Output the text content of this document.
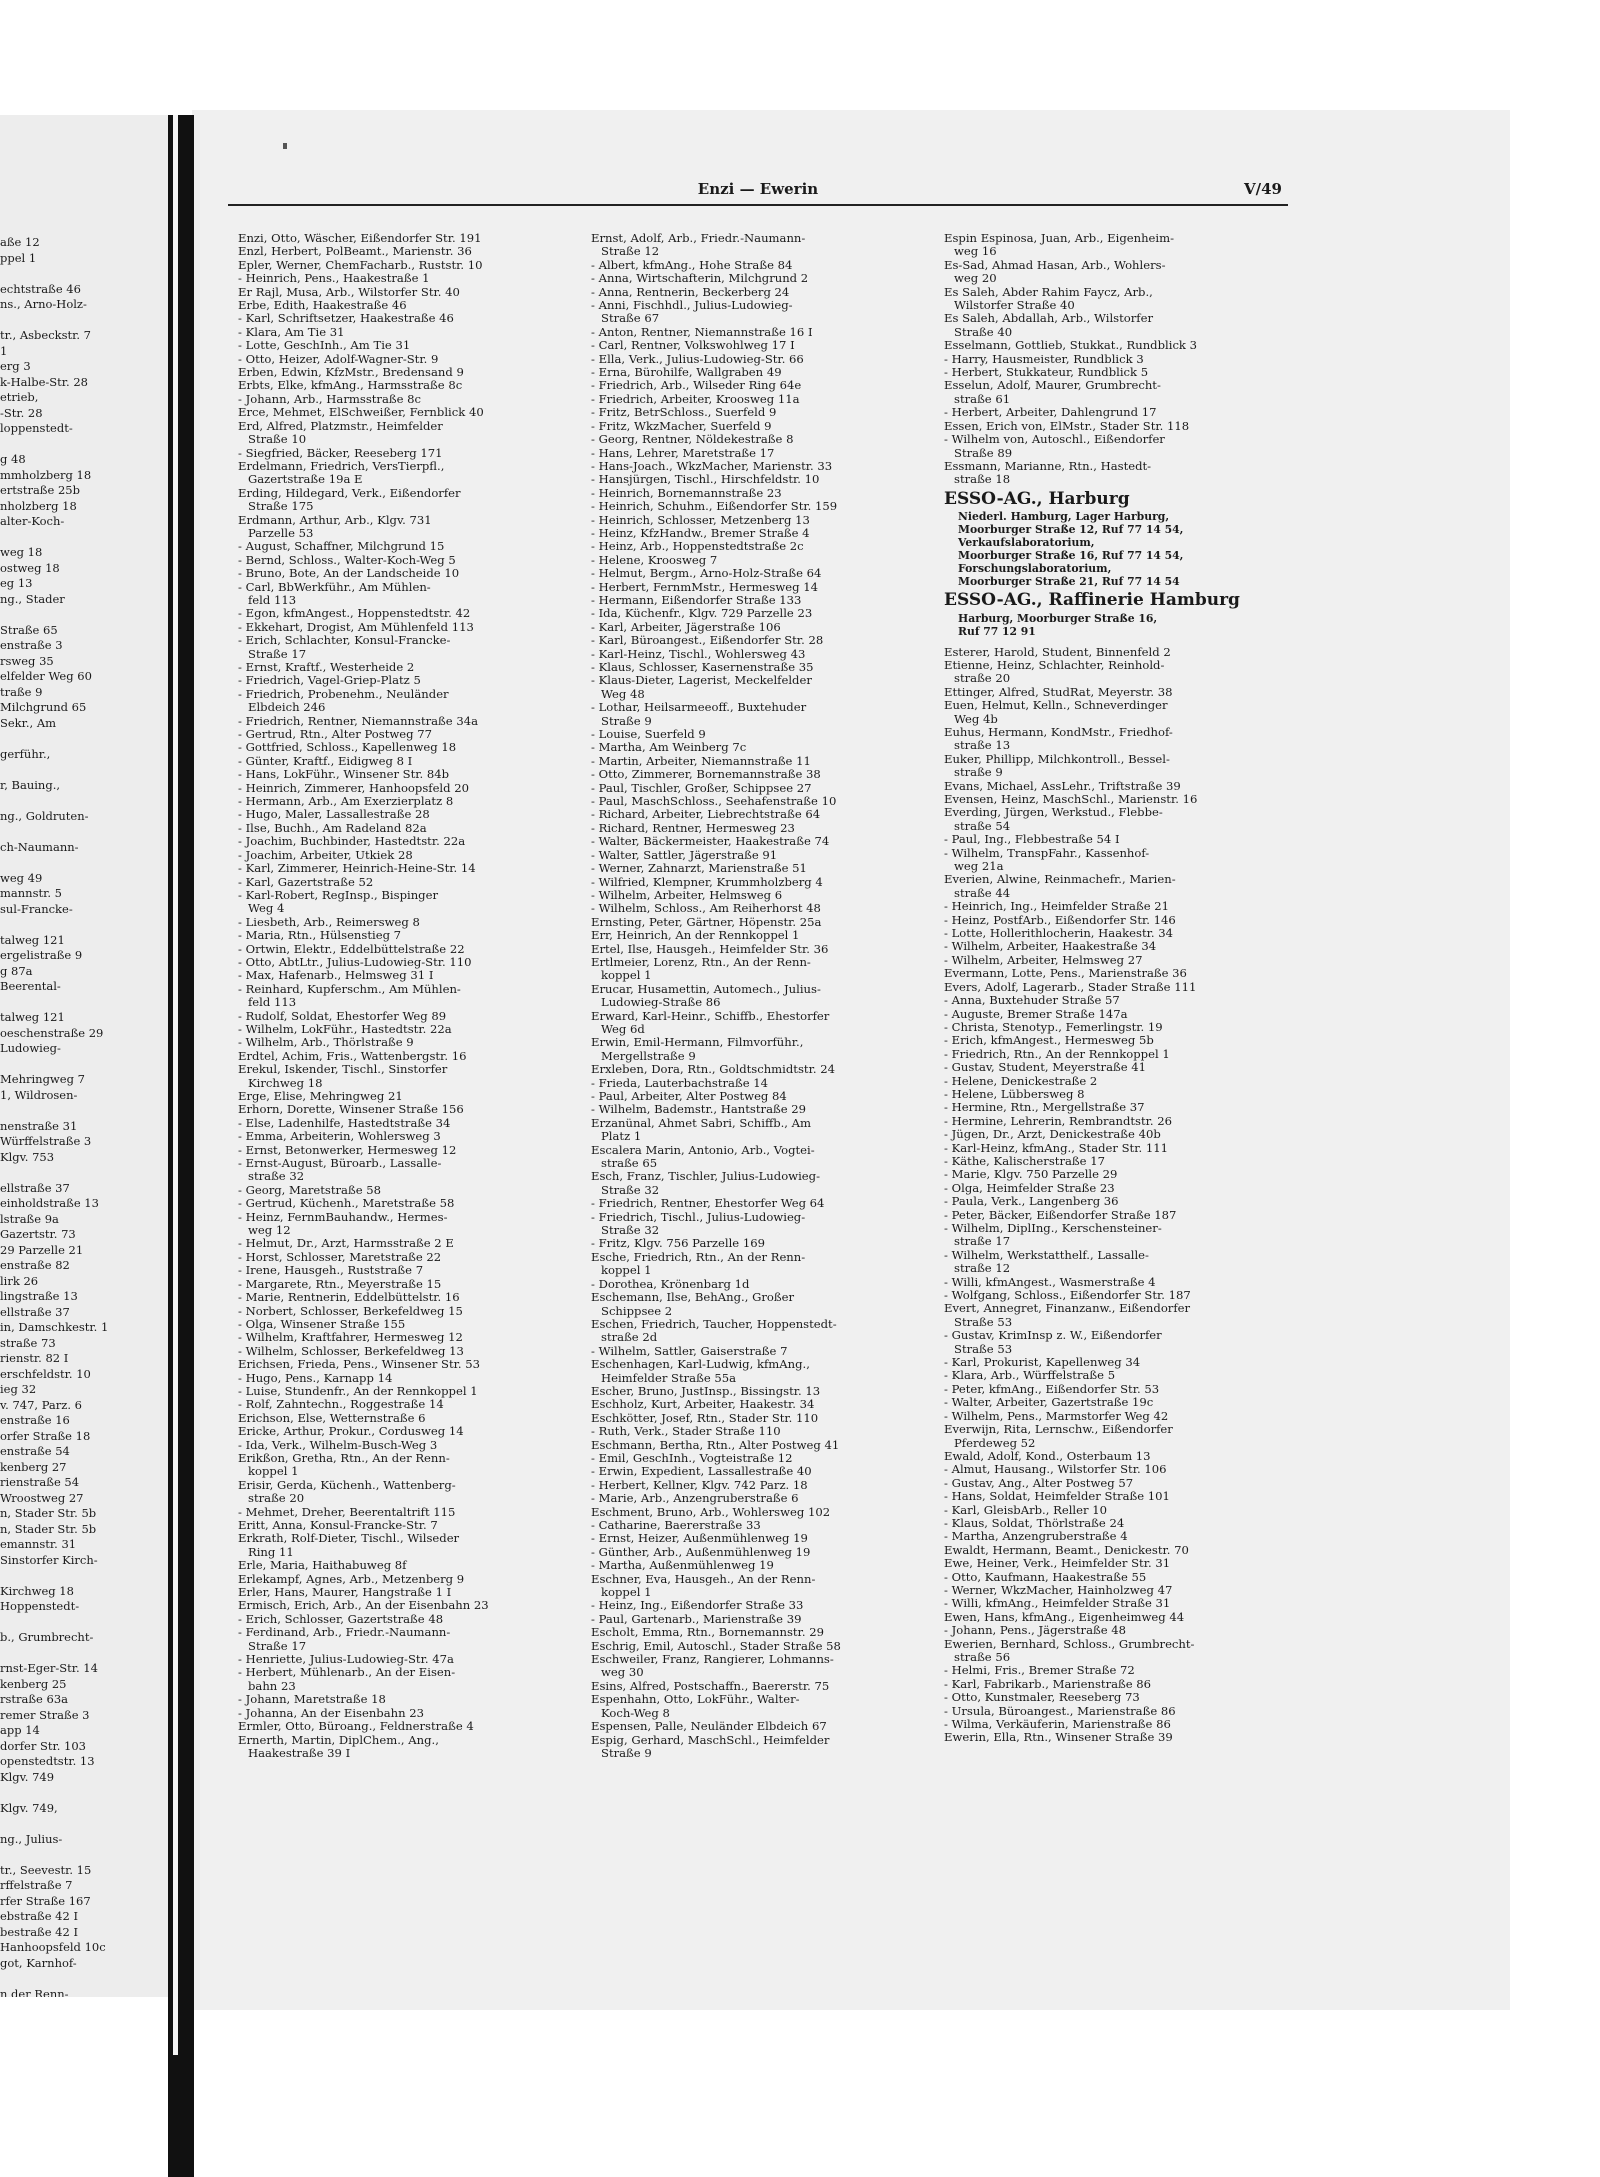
aße 12
ppel 1

echtstraße 46
ns., Arno-Holz-

tr., Asbeckstr. 7
1
erg 3
k-Halbe-Str. 28
etrieb,
-Str. 28
loppenstedt-

g 48
mmholzberg 18
ertstraße 25b
nholzberg 18
alter-Koch-

weg 18
ostweg 18
eg 13
ng., Stader

Straße 65
enstraße 3
rsweg 35
elfelder Weg 60
traße 9
Milchgrund 65
Sekr., Am

gerführ.,

r, Bauing.,

ng., Goldruten-

ch-Naumann-

weg 49
mannstr. 5
sul-Francke-

talweg 121
ergelistraße 9
g 87a
Beerental-

talweg 121
oeschenstraße 29
Ludowieg-

Mehringweg 7
1, Wildrosen-

nenstraße 31
Würffelstraße 3
Klgv. 753

ellstraße 37
einholdstraße 13
lstraße 9a
Gazertstr. 73
29 Parzelle 21
enstraße 82
lirk 26
lingstraße 13
ellstraße 37
in, Damschkestr. 1
straße 73
rienstr. 82 I
erschfeldstr. 10
ieg 32
v. 747, Parz. 6
enstraße 16
orfer Straße 18
enstraße 54
kenberg 27
rienstraße 54
Wroostweg 27
n, Stader Str. 5b
n, Stader Str. 5b
emannstr. 31
Sinstorfer Kirch-

Kirchweg 18
Hoppenstedt-

b., Grumbrecht-

rnst-Eger-Str. 14
kenberg 25
rstraße 63a
remer Straße 3
app 14
dorfer Str. 103
openstedtstr. 13
Klgv. 749

Klgv. 749,

ng., Julius-

tr., Seevestr. 15
rffelstraße 7
rfer Straße 167
ebstraße 42 I
bestraße 42 I
Hanhoopsfeld 10c
got, Karnhof-

n der Renn-
Enzi — Ewerin	V/49
Enzi, Otto, Wäscher, Eißendorfer Str. 191
Enzl, Herbert, PolBeamt., Marienstr. 36
Epler, Werner, ChemFacharb., Ruststr. 10
- Heinrich, Pens., Haakestraße 1
Er Rajl, Musa, Arb., Wilstorfer Str. 40
Erbe, Edith, Haakestraße 46
- Karl, Schriftsetzer, Haakestraße 46
- Klara, Am Tie 31
- Lotte, GeschInh., Am Tie 31
- Otto, Heizer, Adolf-Wagner-Str. 9
Erben, Edwin, KfzMstr., Bredensand 9
Erbts, Elke, kfmAng., Harmsstraße 8c
- Johann, Arb., Harmsstraße 8c
Erce, Mehmet, ElSchweißer, Fernblick 40
Erd, Alfred, Platzmstr., Heimfelder
Straße 10
- Siegfried, Bäcker, Reeseberg 171
Erdelmann, Friedrich, VersTierpfl.,
Gazertstraße 19a E
Erding, Hildegard, Verk., Eißendorfer
Straße 175
Erdmann, Arthur, Arb., Klgv. 731
Parzelle 53
- August, Schaffner, Milchgrund 15
- Bernd, Schloss., Walter-Koch-Weg 5
- Bruno, Bote, An der Landscheide 10
- Carl, BbWerkführ., Am Mühlen-
feld 113
- Egon, kfmAngest., Hoppenstedtstr. 42
- Ekkehart, Drogist, Am Mühlenfeld 113
- Erich, Schlachter, Konsul-Francke-
Straße 17
- Ernst, Kraftf., Westerheide 2
- Friedrich, Vagel-Griep-Platz 5
- Friedrich, Probenehm., Neuländer
Elbdeich 246
- Friedrich, Rentner, Niemannstraße 34a
- Gertrud, Rtn., Alter Postweg 77
- Gottfried, Schloss., Kapellenweg 18
- Günter, Kraftf., Eidigweg 8 I
- Hans, LokFühr., Winsener Str. 84b
- Heinrich, Zimmerer, Hanhoopsfeld 20
- Hermann, Arb., Am Exerzierplatz 8
- Hugo, Maler, Lassallestraße 28
- Ilse, Buchh., Am Radeland 82a
- Joachim, Buchbinder, Hastedtstr. 22a
- Joachim, Arbeiter, Utkiek 28
- Karl, Zimmerer, Heinrich-Heine-Str. 14
- Karl, Gazertstraße 52
- Karl-Robert, RegInsp., Bispinger
Weg 4
- Liesbeth, Arb., Reimersweg 8
- Maria, Rtn., Hülsenstieg 7
- Ortwin, Elektr., Eddelbüttelstraße 22
- Otto, AbtLtr., Julius-Ludowieg-Str. 110
- Max, Hafenarb., Helmsweg 31 I
- Reinhard, Kupferschm., Am Mühlen-
feld 113
- Rudolf, Soldat, Ehestorfer Weg 89
- Wilhelm, LokFühr., Hastedtstr. 22a
- Wilhelm, Arb., Thörlstraße 9
Erdtel, Achim, Fris., Wattenbergstr. 16
Erekul, Iskender, Tischl., Sinstorfer
Kirchweg 18
Erge, Elise, Mehringweg 21
Erhorn, Dorette, Winsener Straße 156
- Else, Ladenhilfe, Hastedtstraße 34
- Emma, Arbeiterin, Wohlersweg 3
- Ernst, Betonwerker, Hermesweg 12
- Ernst-August, Büroarb., Lassalle-
straße 32
- Georg, Maretstraße 58
- Gertrud, Küchenh., Maretstraße 58
- Heinz, FernmBauhandw., Hermes-
weg 12
- Helmut, Dr., Arzt, Harmsstraße 2 E
- Horst, Schlosser, Maretstraße 22
- Irene, Hausgeh., Ruststraße 7
- Margarete, Rtn., Meyerstraße 15
- Marie, Rentnerin, Eddelbüttelstr. 16
- Norbert, Schlosser, Berkefeldweg 15
- Olga, Winsener Straße 155
- Wilhelm, Kraftfahrer, Hermesweg 12
- Wilhelm, Schlosser, Berkefeldweg 13
Erichsen, Frieda, Pens., Winsener Str. 53
- Hugo, Pens., Karnapp 14
- Luise, Stundenfr., An der Rennkoppel 1
- Rolf, Zahntechn., Roggestraße 14
Erichson, Else, Wetternstraße 6
Ericke, Arthur, Prokur., Cordusweg 14
- Ida, Verk., Wilhelm-Busch-Weg 3
Erikßon, Gretha, Rtn., An der Renn-
koppel 1
Erisir, Gerda, Küchenh., Wattenberg-
straße 20
- Mehmet, Dreher, Beerentaltrift 115
Eritt, Anna, Konsul-Francke-Str. 7
Erkrath, Rolf-Dieter, Tischl., Wilseder
Ring 11
Erle, Maria, Haithabuweg 8f
Erlekampf, Agnes, Arb., Metzenberg 9
Erler, Hans, Maurer, Hangstraße 1 I
Ermisch, Erich, Arb., An der Eisenbahn 23
- Erich, Schlosser, Gazertstraße 48
- Ferdinand, Arb., Friedr.-Naumann-
Straße 17
- Henriette, Julius-Ludowieg-Str. 47a
- Herbert, Mühlenarb., An der Eisen-
bahn 23
- Johann, Maretstraße 18
- Johanna, An der Eisenbahn 23
Ermler, Otto, Büroang., Feldnerstraße 4
Ernerth, Martin, DiplChem., Ang.,
Haakestraße 39 I
Ernst, Adolf, Arb., Friedr.-Naumann-
Straße 12
- Albert, kfmAng., Hohe Straße 84
- Anna, Wirtschafterin, Milchgrund 2
- Anna, Rentnerin, Beckerberg 24
- Anni, Fischhdl., Julius-Ludowieg-
Straße 67
- Anton, Rentner, Niemannstraße 16 I
- Carl, Rentner, Volkswohlweg 17 I
- Ella, Verk., Julius-Ludowieg-Str. 66
- Erna, Bürohilfe, Wallgraben 49
- Friedrich, Arb., Wilseder Ring 64e
- Friedrich, Arbeiter, Kroosweg 11a
- Fritz, BetrSchloss., Suerfeld 9
- Fritz, WkzMacher, Suerfeld 9
- Georg, Rentner, Nöldekestraße 8
- Hans, Lehrer, Maretstraße 17
- Hans-Joach., WkzMacher, Marienstr. 33
- Hansjürgen, Tischl., Hirschfeldstr. 10
- Heinrich, Bornemannstraße 23
- Heinrich, Schuhm., Eißendorfer Str. 159
- Heinrich, Schlosser, Metzenberg 13
- Heinz, KfzHandw., Bremer Straße 4
- Heinz, Arb., Hoppenstedtstraße 2c
- Helene, Kroosweg 7
- Helmut, Bergm., Arno-Holz-Straße 64
- Herbert, FernmMstr., Hermesweg 14
- Hermann, Eißendorfer Straße 133
- Ida, Küchenfr., Klgv. 729 Parzelle 23
- Karl, Arbeiter, Jägerstraße 106
- Karl, Büroangest., Eißendorfer Str. 28
- Karl-Heinz, Tischl., Wohlersweg 43
- Klaus, Schlosser, Kasernenstraße 35
- Klaus-Dieter, Lagerist, Meckelfelder
Weg 48
- Lothar, Heilsarmeeoff., Buxtehuder
Straße 9
- Louise, Suerfeld 9
- Martha, Am Weinberg 7c
- Martin, Arbeiter, Niemannstraße 11
- Otto, Zimmerer, Bornemannstraße 38
- Paul, Tischler, Großer, Schippsee 27
- Paul, MaschSchloss., Seehafenstraße 10
- Richard, Arbeiter, Liebrechtstraße 64
- Richard, Rentner, Hermesweg 23
- Walter, Bäckermeister, Haakestraße 74
- Walter, Sattler, Jägerstraße 91
- Werner, Zahnarzt, Marienstraße 51
- Wilfried, Klempner, Krummholzberg 4
- Wilhelm, Arbeiter, Helmsweg 6
- Wilhelm, Schloss., Am Reiherhorst 48
Ernsting, Peter, Gärtner, Höpenstr. 25a
Err, Heinrich, An der Rennkoppel 1
Ertel, Ilse, Hausgeh., Heimfelder Str. 36
Ertlmeier, Lorenz, Rtn., An der Renn-
koppel 1
Erucar, Husamettin, Automech., Julius-
Ludowieg-Straße 86
Erward, Karl-Heinr., Schiffb., Ehestorfer
Weg 6d
Erwin, Emil-Hermann, Filmvorführ.,
Mergellstraße 9
Erxleben, Dora, Rtn., Goldtschmidtstr. 24
- Frieda, Lauterbachstraße 14
- Paul, Arbeiter, Alter Postweg 84
- Wilhelm, Bademstr., Hantstraße 29
Erzanünal, Ahmet Sabri, Schiffb., Am
Platz 1
Escalera Marin, Antonio, Arb., Vogtei-
straße 65
Esch, Franz, Tischler, Julius-Ludowieg-
Straße 32
- Friedrich, Rentner, Ehestorfer Weg 64
- Friedrich, Tischl., Julius-Ludowieg-
Straße 32
- Fritz, Klgv. 756 Parzelle 169
Esche, Friedrich, Rtn., An der Renn-
koppel 1
- Dorothea, Krönenbarg 1d
Eschemann, Ilse, BehAng., Großer
Schippsee 2
Eschen, Friedrich, Taucher, Hoppenstedt-
straße 2d
- Wilhelm, Sattler, Gaiserstraße 7
Eschenhagen, Karl-Ludwig, kfmAng.,
Heimfelder Straße 55a
Escher, Bruno, JustInsp., Bissingstr. 13
Eschholz, Kurt, Arbeiter, Haakestr. 34
Eschkötter, Josef, Rtn., Stader Str. 110
- Ruth, Verk., Stader Straße 110
Eschmann, Bertha, Rtn., Alter Postweg 41
- Emil, GeschInh., Vogteistraße 12
- Erwin, Expedient, Lassallestraße 40
- Herbert, Kellner, Klgv. 742 Parz. 18
- Marie, Arb., Anzengruberstraße 6
Eschment, Bruno, Arb., Wohlersweg 102
- Catharine, Baererstraße 33
- Ernst, Heizer, Außenmühlenweg 19
- Günther, Arb., Außenmühlenweg 19
- Martha, Außenmühlenweg 19
Eschner, Eva, Hausgeh., An der Renn-
koppel 1
- Heinz, Ing., Eißendorfer Straße 33
- Paul, Gartenarb., Marienstraße 39
Escholt, Emma, Rtn., Bornemannstr. 29
Eschrig, Emil, Autoschl., Stader Straße 58
Eschweiler, Franz, Rangierer, Lohmanns-
weg 30
Esins, Alfred, Postschaffn., Baererstr. 75
Espenhahn, Otto, LokFühr., Walter-
Koch-Weg 8
Espensen, Palle, Neuländer Elbdeich 67
Espig, Gerhard, MaschSchl., Heimfelder
Straße 9
Espin Espinosa, Juan, Arb., Eigenheim-
weg 16
Es-Sad, Ahmad Hasan, Arb., Wohlers-
weg 20
Es Saleh, Abder Rahim Faycz, Arb.,
Wilstorfer Straße 40
Es Saleh, Abdallah, Arb., Wilstorfer
Straße 40
Esselmann, Gottlieb, Stukkat., Rundblick 3
- Harry, Hausmeister, Rundblick 3
- Herbert, Stukkateur, Rundblick 5
Esselun, Adolf, Maurer, Grumbrecht-
straße 61
- Herbert, Arbeiter, Dahlengrund 17
Essen, Erich von, ElMstr., Stader Str. 118
- Wilhelm von, Autoschl., Eißendorfer
Straße 89
Essmann, Marianne, Rtn., Hastedt-
straße 18
ESSO-AG., Harburg
Niederl. Hamburg, Lager Harburg,
Moorburger Straße 12, Ruf 77 14 54,
Verkaufslaboratorium,
Moorburger Straße 16, Ruf 77 14 54,
Forschungslaboratorium,
Moorburger Straße 21, Ruf 77 14 54
ESSO-AG., Raffinerie Hamburg
Harburg, Moorburger Straße 16,
Ruf 77 12 91
Esterer, Harold, Student, Binnenfeld 2
Etienne, Heinz, Schlachter, Reinhold-
straße 20
Ettinger, Alfred, StudRat, Meyerstr. 38
Euen, Helmut, Kelln., Schneverdinger
Weg 4b
Euhus, Hermann, KondMstr., Friedhof-
straße 13
Euker, Phillipp, Milchkontroll., Bessel-
straße 9
Evans, Michael, AssLehr., Triftstraße 39
Evensen, Heinz, MaschSchl., Marienstr. 16
Everding, Jürgen, Werkstud., Flebbe-
straße 54
- Paul, Ing., Flebbestraße 54 I
- Wilhelm, TranspFahr., Kassenhof-
weg 21a
Everien, Alwine, Reinmachefr., Marien-
straße 44
- Heinrich, Ing., Heimfelder Straße 21
- Heinz, PostfArb., Eißendorfer Str. 146
- Lotte, Hollerithlocherin, Haakestr. 34
- Wilhelm, Arbeiter, Haakestraße 34
- Wilhelm, Arbeiter, Helmsweg 27
Evermann, Lotte, Pens., Marienstraße 36
Evers, Adolf, Lagerarb., Stader Straße 111
- Anna, Buxtehuder Straße 57
- Auguste, Bremer Straße 147a
- Christa, Stenotyp., Femerlingstr. 19
- Erich, kfmAngest., Hermesweg 5b
- Friedrich, Rtn., An der Rennkoppel 1
- Gustav, Student, Meyerstraße 41
- Helene, Denickestraße 2
- Helene, Lübbersweg 8
- Hermine, Rtn., Mergellstraße 37
- Hermine, Lehrerin, Rembrandtstr. 26
- Jügen, Dr., Arzt, Denickestraße 40b
- Karl-Heinz, kfmAng., Stader Str. 111
- Käthe, Kalischerstraße 17
- Marie, Klgv. 750 Parzelle 29
- Olga, Heimfelder Straße 23
- Paula, Verk., Langenberg 36
- Peter, Bäcker, Eißendorfer Straße 187
- Wilhelm, DiplIng., Kerschensteiner-
straße 17
- Wilhelm, Werkstatthelf., Lassalle-
straße 12
- Willi, kfmAngest., Wasmerstraße 4
- Wolfgang, Schloss., Eißendorfer Str. 187
Evert, Annegret, Finanzanw., Eißendorfer
Straße 53
- Gustav, KrimInsp z. W., Eißendorfer
Straße 53
- Karl, Prokurist, Kapellenweg 34
- Klara, Arb., Würffelstraße 5
- Peter, kfmAng., Eißendorfer Str. 53
- Walter, Arbeiter, Gazertstraße 19c
- Wilhelm, Pens., Marmstorfer Weg 42
Everwijn, Rita, Lernschw., Eißendorfer
Pferdeweg 52
Ewald, Adolf, Kond., Osterbaum 13
- Almut, Hausang., Wilstorfer Str. 106
- Gustav, Ang., Alter Postweg 57
- Hans, Soldat, Heimfelder Straße 101
- Karl, GleisbArb., Reller 10
- Klaus, Soldat, Thörlstraße 24
- Martha, Anzengruberstraße 4
Ewaldt, Hermann, Beamt., Denickestr. 70
Ewe, Heiner, Verk., Heimfelder Str. 31
- Otto, Kaufmann, Haakestraße 55
- Werner, WkzMacher, Hainholzweg 47
- Willi, kfmAng., Heimfelder Straße 31
Ewen, Hans, kfmAng., Eigenheimweg 44
- Johann, Pens., Jägerstraße 48
Ewerien, Bernhard, Schloss., Grumbrecht-
straße 56
- Helmi, Fris., Bremer Straße 72
- Karl, Fabrikarb., Marienstraße 86
- Otto, Kunstmaler, Reeseberg 73
- Ursula, Büroangest., Marienstraße 86
- Wilma, Verkäuferin, Marienstraße 86
Ewerin, Ella, Rtn., Winsener Straße 39
